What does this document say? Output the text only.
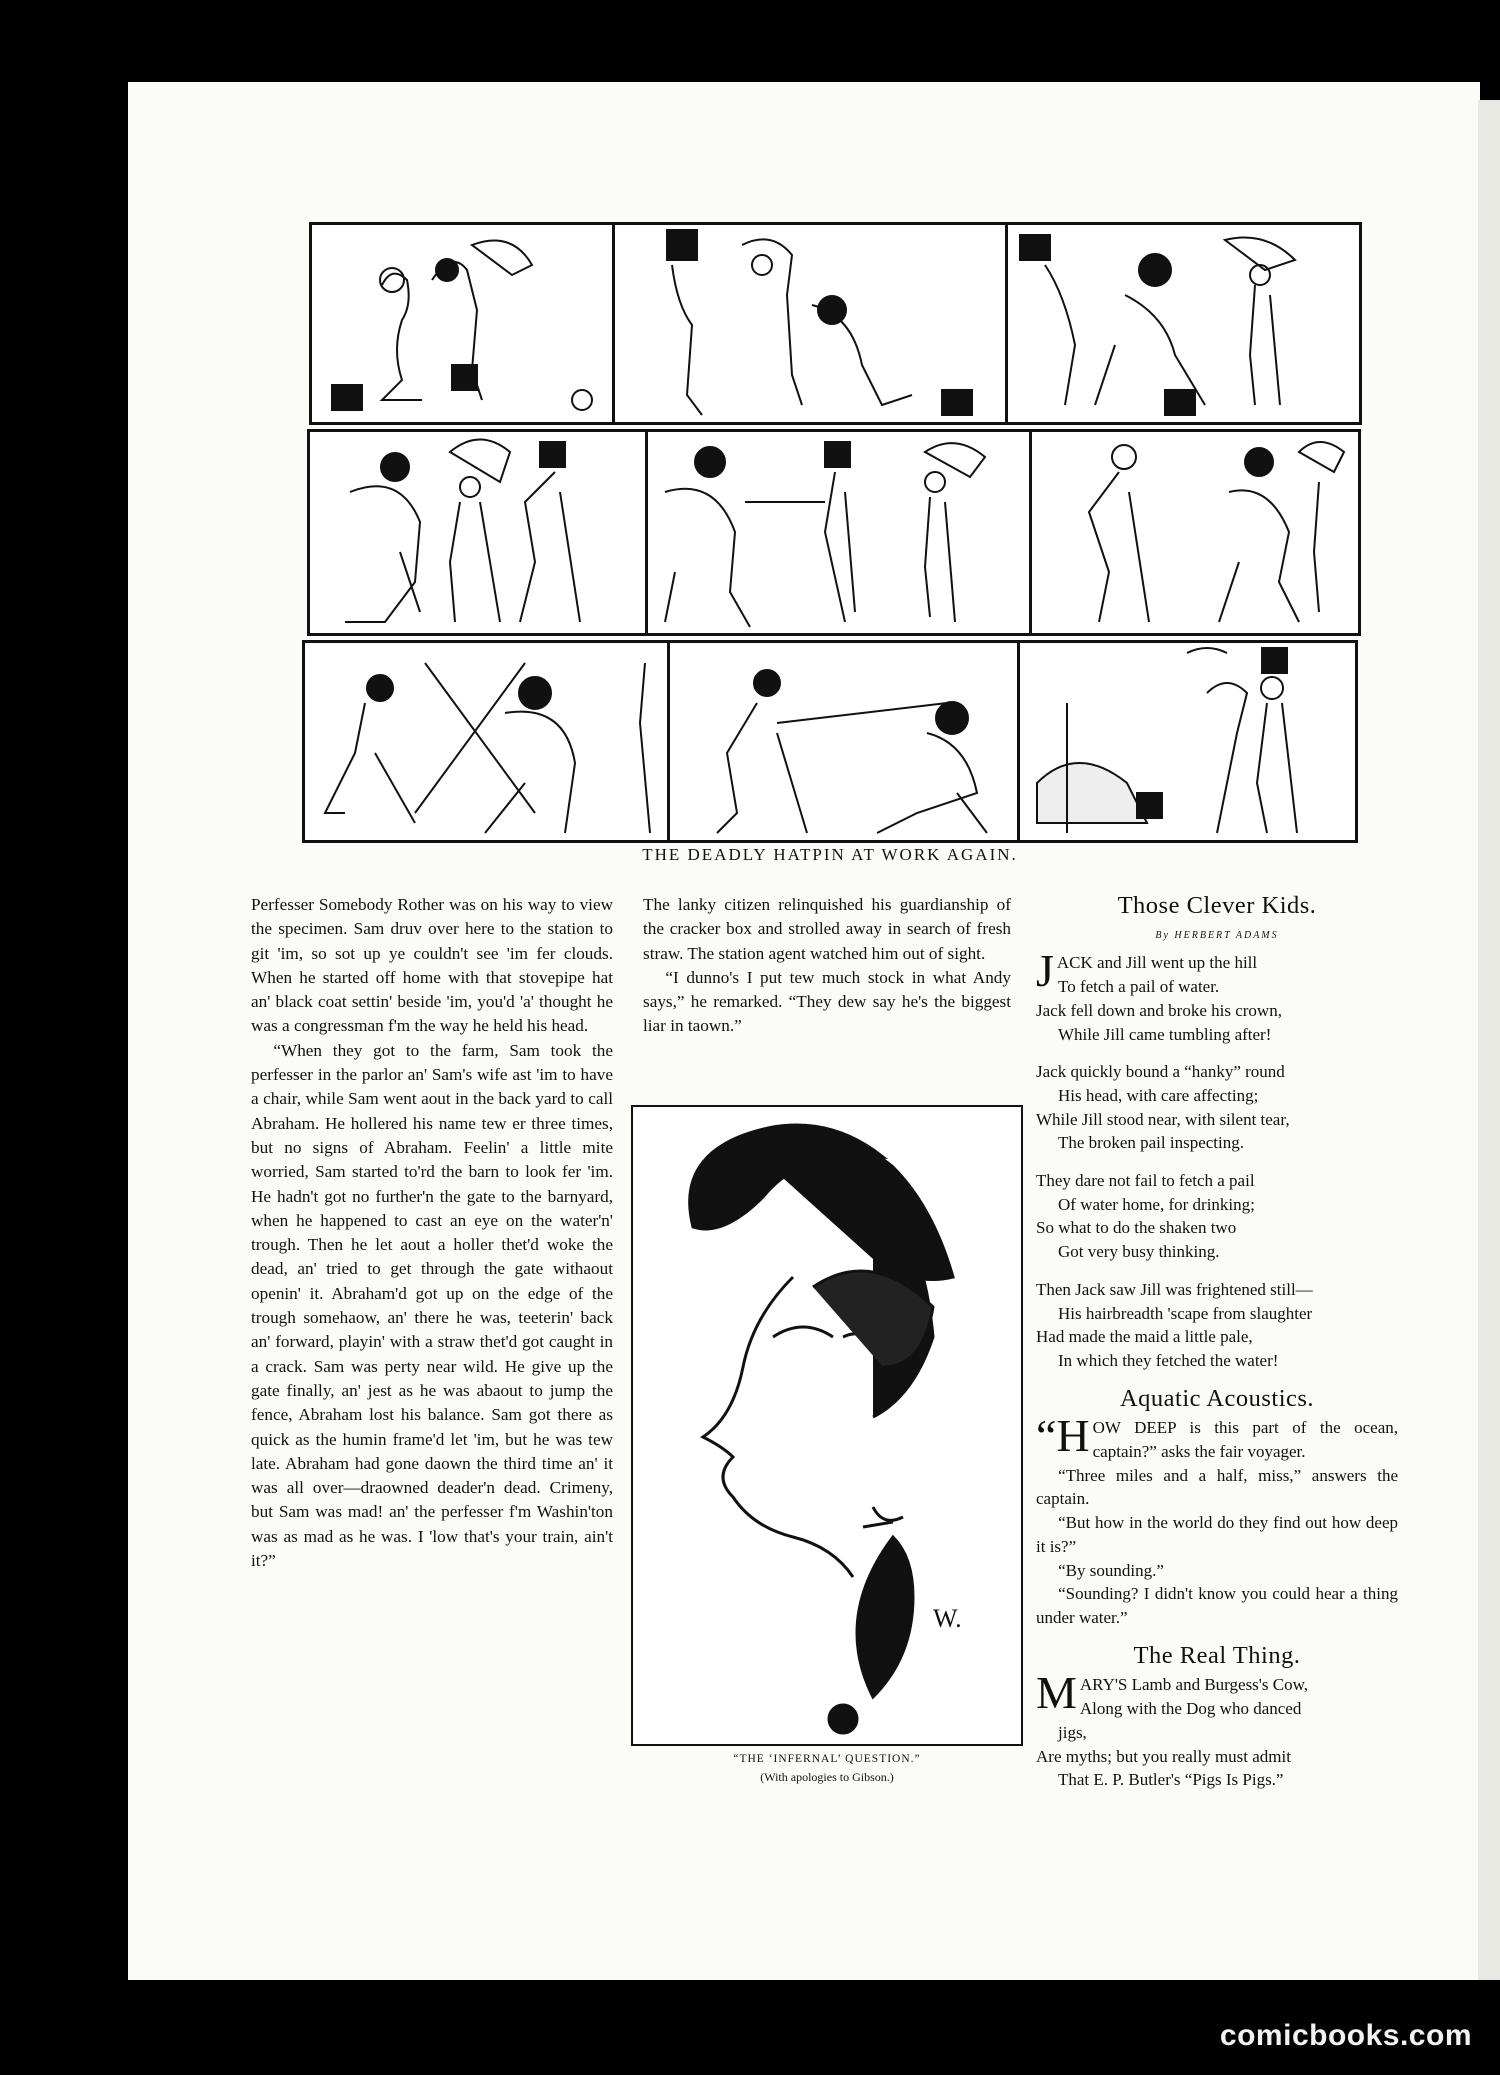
THE DEADLY HATPIN AT WORK AGAIN.

Perfesser Somebody Rother was on his way to view the specimen. Sam druv over here to the station to git 'im, so sot up ye couldn't see 'im fer clouds. When he started off home with that stovepipe hat an' black coat settin' beside 'im, you'd 'a' thought he was a congressman f'm the way he held his head.

“When they got to the farm, Sam took the perfesser in the parlor an' Sam's wife ast 'im to have a chair, while Sam went aout in the back yard to call Abraham. He hollered his name tew er three times, but no signs of Abraham. Feelin' a little mite worried, Sam started to'rd the barn to look fer 'im. He hadn't got no further'n the gate to the barnyard, when he happened to cast an eye on the water'n' trough. Then he let aout a holler thet'd woke the dead, an' tried to get through the gate withaout openin' it. Abraham'd got up on the edge of the trough somehaow, an' there he was, teeterin' back an' forward, playin' with a straw thet'd got caught in a crack. Sam was perty near wild. He give up the gate finally, an' jest as he was abaout to jump the fence, Abraham lost his balance. Sam got there as quick as the humin frame'd let 'im, but he was tew late. Abraham had gone daown the third time an' it was all over—draowned deader'n dead. Crimeny, but Sam was mad! an' the perfesser f'm Washin'ton was as mad as he was. I 'low that's your train, ain't it?”

The lanky citizen relinquished his guardianship of the cracker box and strolled away in search of fresh straw. The station agent watched him out of sight.

“I dunno's I put tew much stock in what Andy says,” he remarked. “They dew say he's the biggest liar in taown.”

W.
“THE ‘INFERNAL’ QUESTION.”
(With apologies to Gibson.)
Those Clever Kids.
By HERBERT ADAMS
J ACK and Jill went up the hill
To fetch a pail of water.
Jack fell down and broke his crown,
While Jill came tumbling after!
Jack quickly bound a “hanky” round
His head, with care affecting;
While Jill stood near, with silent tear,
The broken pail inspecting.
They dare not fail to fetch a pail
Of water home, for drinking;
So what to do the shaken two
Got very busy thinking.
Then Jack saw Jill was frightened still—
His hairbreadth 'scape from slaughter
Had made the maid a little pale,
In which they fetched the water!
Aquatic Acoustics.

“HOW DEEP is this part of the ocean, captain?” asks the fair voyager.

“Three miles and a half, miss,” answers the captain.

“But how in the world do they find out how deep it is?”

“By sounding.”

“Sounding? I didn't know you could hear a thing under water.”

The Real Thing.
M ARY'S Lamb and Burgess's Cow,
Along with the Dog who danced
jigs,
Are myths; but you really must admit
That E. P. Butler's “Pigs Is Pigs.”
comicbooks.com
